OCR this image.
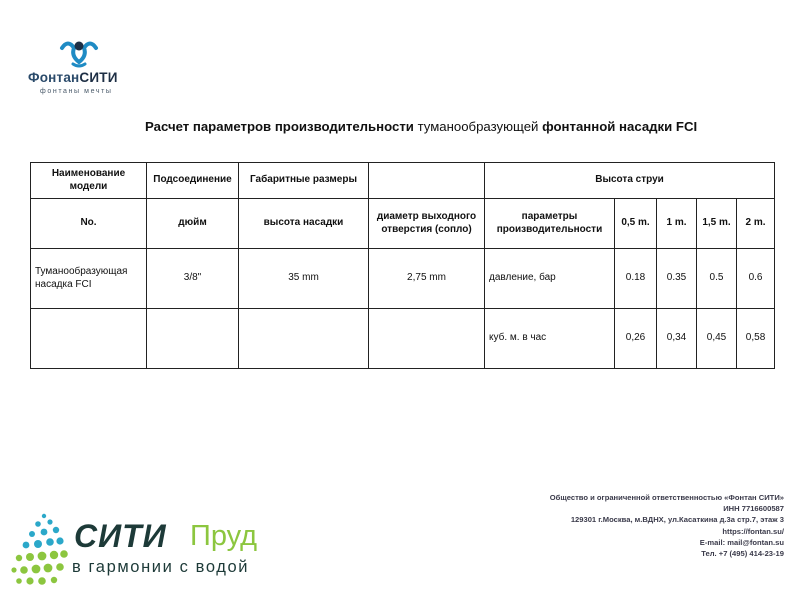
ФонтанСИТИ
фонтаны мечты
Расчет параметров производительности туманообразующей фонтанной насадки FCI
Наименование модели	Подсоединение	Габаритные размеры		Высота струи				
No.	дюйм	высота насадки	диаметр выходного отверстия (сопло)	параметры производительности	0,5 m.	1 m.	1,5 m.	2 m.
Туманообразующая насадка FCI	3/8"	35 mm	2,75 mm	давление, бар	0.18	0.35	0.5	0.6
				куб. м. в час	0,26	0,34	0,45	0,58
Общество и ограниченной ответственностью «Фонтан СИТИ»
ИНН 7716600587
129301 г.Москва, м.ВДНХ, ул.Касаткина д.3а стр.7, этаж 3
https://fontan.su/
E-mail: mail@fontan.su
Тел. +7 (495) 414-23-19
СИТИ Пруд
в гармонии с водой
